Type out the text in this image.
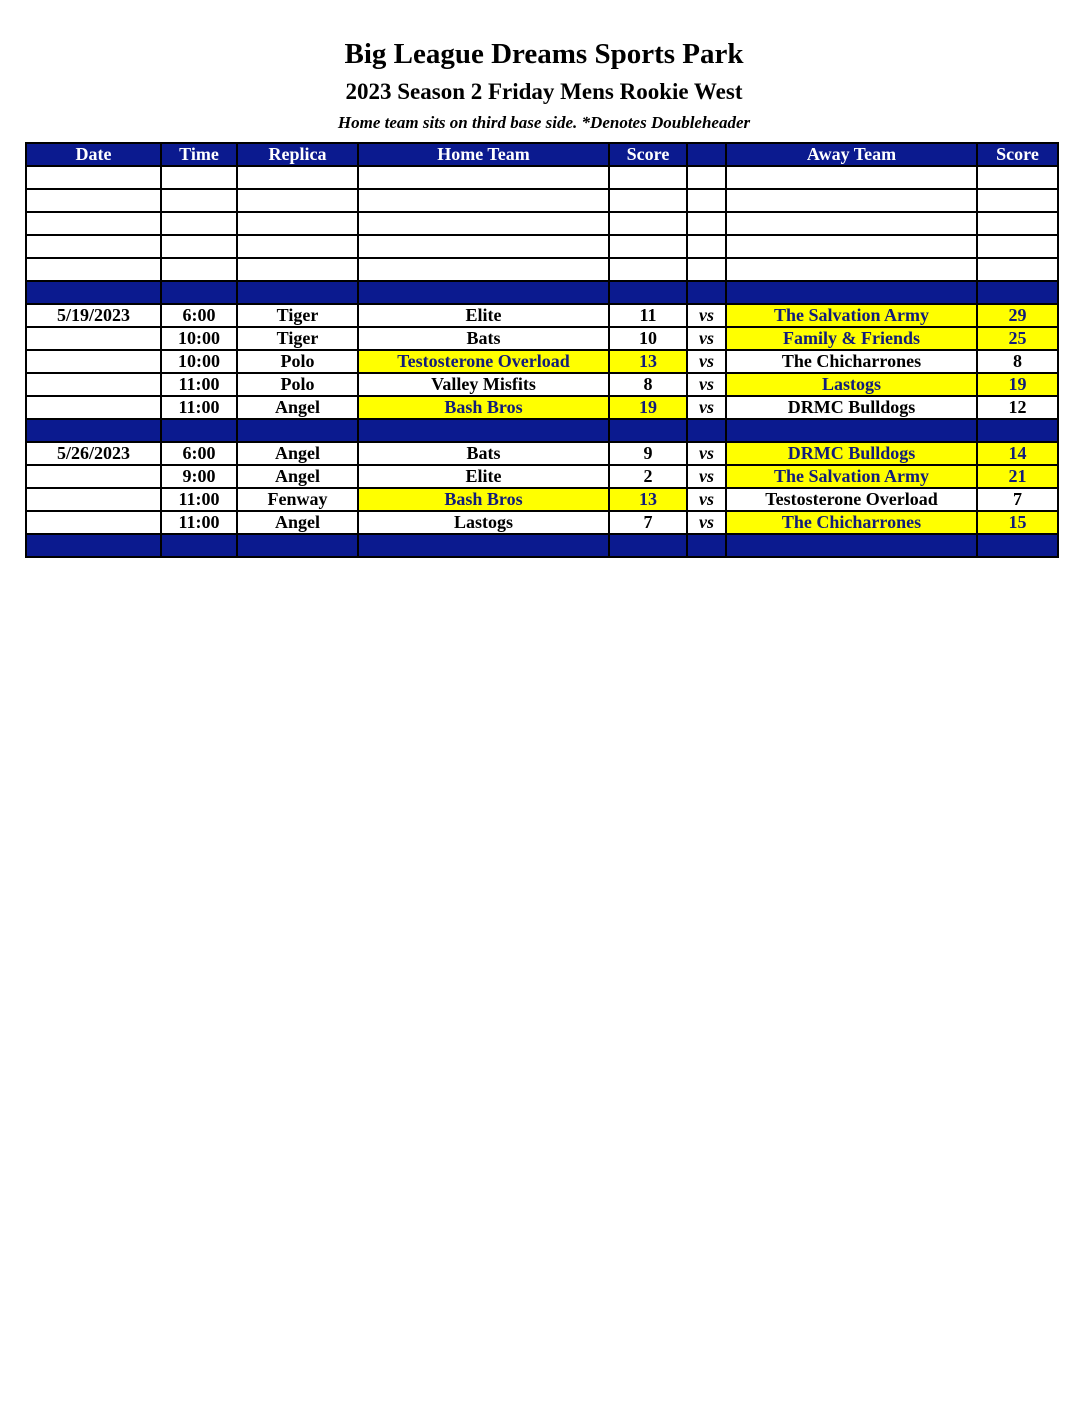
Big League Dreams Sports Park
2023 Season 2 Friday Mens Rookie West
Home team sits on third base side. *Denotes Doubleheader
Date	Time	Replica	Home Team	Score		Away Team	Score

5/19/2023	6:00	Tiger	Elite	11	vs	The Salvation Army	29
	10:00	Tiger	Bats	10	vs	Family & Friends	25
	10:00	Polo	Testosterone Overload	13	vs	The Chicharrones	8
	11:00	Polo	Valley Misfits	8	vs	Lastogs	19
	11:00	Angel	Bash Bros	19	vs	DRMC Bulldogs	12

5/26/2023	6:00	Angel	Bats	9	vs	DRMC Bulldogs	14
	9:00	Angel	Elite	2	vs	The Salvation Army	21
	11:00	Fenway	Bash Bros	13	vs	Testosterone Overload	7
	11:00	Angel	Lastogs	7	vs	The Chicharrones	15
